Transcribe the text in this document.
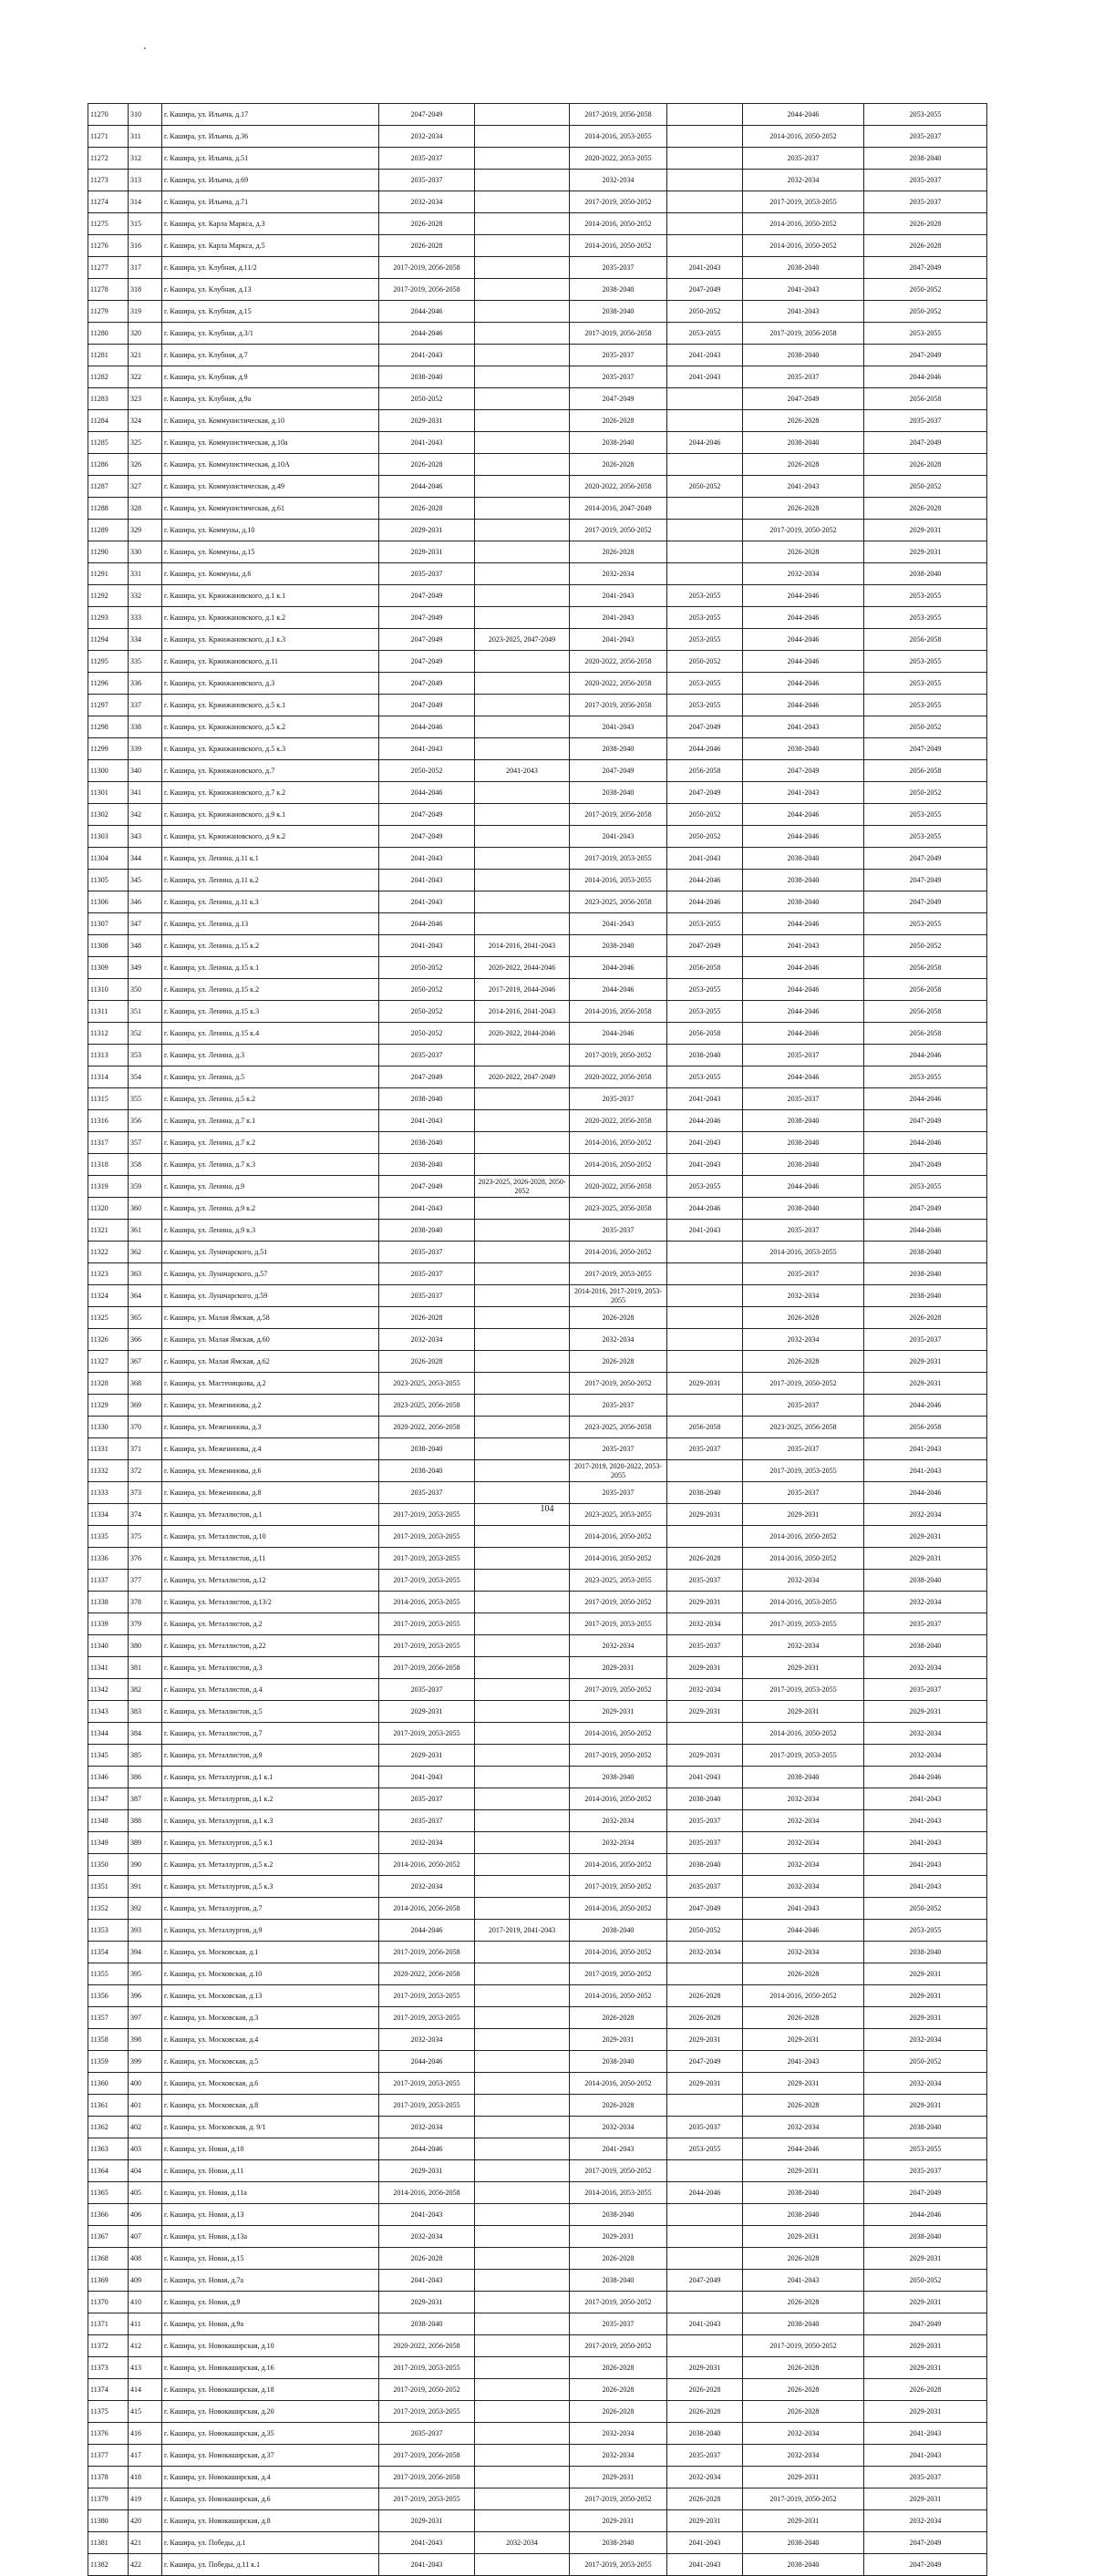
11270	310	г. Кашира, ул. Ильича, д.17	2047-2049		2017-2019, 2056-2058		2044-2046	2053-2055
11271	311	г. Кашира, ул. Ильича, д.36	2032-2034		2014-2016, 2053-2055		2014-2016, 2050-2052	2035-2037
11272	312	г. Кашира, ул. Ильича, д.51	2035-2037		2020-2022, 2053-2055		2035-2037	2038-2040
11273	313	г. Кашира, ул. Ильича, д.69	2035-2037		2032-2034		2032-2034	2035-2037
11274	314	г. Кашира, ул. Ильича, д.71	2032-2034		2017-2019, 2050-2052		2017-2019, 2053-2055	2035-2037
11275	315	г. Кашира, ул. Карла Маркса, д.3	2026-2028		2014-2016, 2050-2052		2014-2016, 2050-2052	2026-2028
11276	316	г. Кашира, ул. Карла Маркса, д.5	2026-2028		2014-2016, 2050-2052		2014-2016, 2050-2052	2026-2028
11277	317	г. Кашира, ул. Клубная, д.11/2	2017-2019, 2056-2058		2035-2037	2041-2043	2038-2040	2047-2049
11278	318	г. Кашира, ул. Клубная, д.13	2017-2019, 2056-2058		2038-2040	2047-2049	2041-2043	2050-2052
11279	319	г. Кашира, ул. Клубная, д.15	2044-2046		2038-2040	2050-2052	2041-2043	2050-2052
11280	320	г. Кашира, ул. Клубная, д.3/1	2044-2046		2017-2019, 2056-2058	2053-2055	2017-2019, 2056-2058	2053-2055
11281	321	г. Кашира, ул. Клубная, д.7	2041-2043		2035-2037	2041-2043	2038-2040	2047-2049
11282	322	г. Кашира, ул. Клубная, д.9	2038-2040		2035-2037	2041-2043	2035-2037	2044-2046
11283	323	г. Кашира, ул. Клубная, д.9а	2050-2052		2047-2049		2047-2049	2056-2058
11284	324	г. Кашира, ул. Коммунистическая, д.10	2029-2031		2026-2028		2026-2028	2035-2037
11285	325	г. Кашира, ул. Коммунистическая, д.10а	2041-2043		2038-2040	2044-2046	2038-2040	2047-2049
11286	326	г. Кашира, ул. Коммунистическая, д.10А	2026-2028		2026-2028		2026-2028	2026-2028
11287	327	г. Кашира, ул. Коммунистическая, д.49	2044-2046		2020-2022, 2056-2058	2050-2052	2041-2043	2050-2052
11288	328	г. Кашира, ул. Коммунистическая, д.61	2026-2028		2014-2016, 2047-2049		2026-2028	2026-2028
11289	329	г. Кашира, ул. Коммуны, д.10	2029-2031		2017-2019, 2050-2052		2017-2019, 2050-2052	2029-2031
11290	330	г. Кашира, ул. Коммуны, д.15	2029-2031		2026-2028		2026-2028	2029-2031
11291	331	г. Кашира, ул. Коммуны, д.6	2035-2037		2032-2034		2032-2034	2038-2040
11292	332	г. Кашира, ул. Кржижановского, д.1 к.1	2047-2049		2041-2043	2053-2055	2044-2046	2053-2055
11293	333	г. Кашира, ул. Кржижановского, д.1 к.2	2047-2049		2041-2043	2053-2055	2044-2046	2053-2055
11294	334	г. Кашира, ул. Кржижановского, д.1 к.3	2047-2049	2023-2025, 2047-2049	2041-2043	2053-2055	2044-2046	2056-2058
11295	335	г. Кашира, ул. Кржижановского, д.11	2047-2049		2020-2022, 2056-2058	2050-2052	2044-2046	2053-2055
11296	336	г. Кашира, ул. Кржижановского, д.3	2047-2049		2020-2022, 2056-2058	2053-2055	2044-2046	2053-2055
11297	337	г. Кашира, ул. Кржижановского, д.5 к.1	2047-2049		2017-2019, 2056-2058	2053-2055	2044-2046	2053-2055
11298	338	г. Кашира, ул. Кржижановского, д.5 к.2	2044-2046		2041-2043	2047-2049	2041-2043	2050-2052
11299	339	г. Кашира, ул. Кржижановского, д.5 к.3	2041-2043		2038-2040	2044-2046	2038-2040	2047-2049
11300	340	г. Кашира, ул. Кржижановского, д.7	2050-2052	2041-2043	2047-2049	2056-2058	2047-2049	2056-2058
11301	341	г. Кашира, ул. Кржижановского, д.7 к.2	2044-2046		2038-2040	2047-2049	2041-2043	2050-2052
11302	342	г. Кашира, ул. Кржижановского, д.9 к.1	2047-2049		2017-2019, 2056-2058	2050-2052	2044-2046	2053-2055
11303	343	г. Кашира, ул. Кржижановского, д.9 к.2	2047-2049		2041-2043	2050-2052	2044-2046	2053-2055
11304	344	г. Кашира, ул. Ленина, д.11 к.1	2041-2043		2017-2019, 2053-2055	2041-2043	2038-2040	2047-2049
11305	345	г. Кашира, ул. Ленина, д.11 к.2	2041-2043		2014-2016, 2053-2055	2044-2046	2038-2040	2047-2049
11306	346	г. Кашира, ул. Ленина, д.11 к.3	2041-2043		2023-2025, 2056-2058	2044-2046	2038-2040	2047-2049
11307	347	г. Кашира, ул. Ленина, д.13	2044-2046		2041-2043	2053-2055	2044-2046	2053-2055
11308	348	г. Кашира, ул. Ленина, д.15 к.2	2041-2043	2014-2016, 2041-2043	2038-2040	2047-2049	2041-2043	2050-2052
11309	349	г. Кашира, ул. Ленина, д.15 к.1	2050-2052	2020-2022, 2044-2046	2044-2046	2056-2058	2044-2046	2056-2058
11310	350	г. Кашира, ул. Ленина, д.15 к.2	2050-2052	2017-2019, 2044-2046	2044-2046	2053-2055	2044-2046	2056-2058
11311	351	г. Кашира, ул. Ленина, д.15 к.3	2050-2052	2014-2016, 2041-2043	2014-2016, 2056-2058	2053-2055	2044-2046	2056-2058
11312	352	г. Кашира, ул. Ленина, д.15 к.4	2050-2052	2020-2022, 2044-2046	2044-2046	2056-2058	2044-2046	2056-2058
11313	353	г. Кашира, ул. Ленина, д.3	2035-2037		2017-2019, 2050-2052	2038-2040	2035-2037	2044-2046
11314	354	г. Кашира, ул. Ленина, д.5	2047-2049	2020-2022, 2047-2049	2020-2022, 2056-2058	2053-2055	2044-2046	2053-2055
11315	355	г. Кашира, ул. Ленина, д.5 к.2	2038-2040		2035-2037	2041-2043	2035-2037	2044-2046
11316	356	г. Кашира, ул. Ленина, д.7 к.1	2041-2043		2020-2022, 2056-2058	2044-2046	2038-2040	2047-2049
11317	357	г. Кашира, ул. Ленина, д.7 к.2	2038-2040		2014-2016, 2050-2052	2041-2043	2038-2040	2044-2046
11318	358	г. Кашира, ул. Ленина, д.7 к.3	2038-2040		2014-2016, 2050-2052	2041-2043	2038-2040	2047-2049
11319	359	г. Кашира, ул. Ленина, д.9	2047-2049	2023-2025, 2026-2028, 2050-2052	2020-2022, 2056-2058	2053-2055	2044-2046	2053-2055
11320	360	г. Кашира, ул. Ленина, д.9 к.2	2041-2043		2023-2025, 2056-2058	2044-2046	2038-2040	2047-2049
11321	361	г. Кашира, ул. Ленина, д.9 к.3	2038-2040		2035-2037	2041-2043	2035-2037	2044-2046
11322	362	г. Кашира, ул. Луначарского, д.51	2035-2037		2014-2016, 2050-2052		2014-2016, 2053-2055	2038-2040
11323	363	г. Кашира, ул. Луначарского, д.57	2035-2037		2017-2019, 2053-2055		2035-2037	2038-2040
11324	364	г. Кашира, ул. Луначарского, д.59	2035-2037		2014-2016, 2017-2019, 2053-2055		2032-2034	2038-2040
11325	365	г. Кашира, ул. Малая Ямская, д.58	2026-2028		2026-2028		2026-2028	2026-2028
11326	366	г. Кашира, ул. Малая Ямская, д.60	2032-2034		2032-2034		2032-2034	2035-2037
11327	367	г. Кашира, ул. Малая Ямская, д.62	2026-2028		2026-2028		2026-2028	2029-2031
11328	368	г. Кашира, ул. Мастеницкова, д.2	2023-2025, 2053-2055		2017-2019, 2050-2052	2029-2031	2017-2019, 2050-2052	2029-2031
11329	369	г. Кашира, ул. Меженинова, д.2	2023-2025, 2056-2058		2035-2037		2035-2037	2044-2046
11330	370	г. Кашира, ул. Меженинова, д.3	2020-2022, 2056-2058		2023-2025, 2056-2058	2056-2058	2023-2025, 2056-2058	2056-2058
11331	371	г. Кашира, ул. Меженинова, д.4	2038-2040		2035-2037	2035-2037	2035-2037	2041-2043
11332	372	г. Кашира, ул. Меженинова, д.6	2038-2040		2017-2019, 2020-2022, 2053-2055		2017-2019, 2053-2055	2041-2043
11333	373	г. Кашира, ул. Меженинова, д.8	2035-2037		2035-2037	2038-2040	2035-2037	2044-2046
11334	374	г. Кашира, ул. Металлистов, д.1	2017-2019, 2053-2055		2023-2025, 2053-2055	2029-2031	2029-2031	2032-2034
11335	375	г. Кашира, ул. Металлистов, д.10	2017-2019, 2053-2055		2014-2016, 2050-2052		2014-2016, 2050-2052	2029-2031
11336	376	г. Кашира, ул. Металлистов, д.11	2017-2019, 2053-2055		2014-2016, 2050-2052	2026-2028	2014-2016, 2050-2052	2029-2031
11337	377	г. Кашира, ул. Металлистов, д.12	2017-2019, 2053-2055		2023-2025, 2053-2055	2035-2037	2032-2034	2038-2040
11338	378	г. Кашира, ул. Металлистов, д.13/2	2014-2016, 2053-2055		2017-2019, 2050-2052	2029-2031	2014-2016, 2053-2055	2032-2034
11339	379	г. Кашира, ул. Металлистов, д.2	2017-2019, 2053-2055		2017-2019, 2053-2055	2032-2034	2017-2019, 2053-2055	2035-2037
11340	380	г. Кашира, ул. Металлистов, д.22	2017-2019, 2053-2055		2032-2034	2035-2037	2032-2034	2038-2040
11341	381	г. Кашира, ул. Металлистов, д.3	2017-2019, 2056-2058		2029-2031	2029-2031	2029-2031	2032-2034
11342	382	г. Кашира, ул. Металлистов, д.4	2035-2037		2017-2019, 2050-2052	2032-2034	2017-2019, 2053-2055	2035-2037
11343	383	г. Кашира, ул. Металлистов, д.5	2029-2031		2029-2031	2029-2031	2029-2031	2029-2031
11344	384	г. Кашира, ул. Металлистов, д.7	2017-2019, 2053-2055		2014-2016, 2050-2052		2014-2016, 2050-2052	2032-2034
11345	385	г. Кашира, ул. Металлистов, д.9	2029-2031		2017-2019, 2050-2052	2029-2031	2017-2019, 2053-2055	2032-2034
11346	386	г. Кашира, ул. Металлургов, д.1 к.1	2041-2043		2038-2040	2041-2043	2038-2040	2044-2046
11347	387	г. Кашира, ул. Металлургов, д.1 к.2	2035-2037		2014-2016, 2050-2052	2038-2040	2032-2034	2041-2043
11348	388	г. Кашира, ул. Металлургов, д.1 к.3	2035-2037		2032-2034	2035-2037	2032-2034	2041-2043
11349	389	г. Кашира, ул. Металлургов, д.5 к.1	2032-2034		2032-2034	2035-2037	2032-2034	2041-2043
11350	390	г. Кашира, ул. Металлургов, д.5 к.2	2014-2016, 2050-2052		2014-2016, 2050-2052	2038-2040	2032-2034	2041-2043
11351	391	г. Кашира, ул. Металлургов, д.5 к.3	2032-2034		2017-2019, 2050-2052	2035-2037	2032-2034	2041-2043
11352	392	г. Кашира, ул. Металлургов, д.7	2014-2016, 2056-2058		2014-2016, 2050-2052	2047-2049	2041-2043	2050-2052
11353	393	г. Кашира, ул. Металлургов, д.9	2044-2046	2017-2019, 2041-2043	2038-2040	2050-2052	2044-2046	2053-2055
11354	394	г. Кашира, ул. Московская, д.1	2017-2019, 2056-2058		2014-2016, 2050-2052	2032-2034	2032-2034	2038-2040
11355	395	г. Кашира, ул. Московская, д.10	2020-2022, 2056-2058		2017-2019, 2050-2052		2026-2028	2029-2031
11356	396	г. Кашира, ул. Московская, д.13	2017-2019, 2053-2055		2014-2016, 2050-2052	2026-2028	2014-2016, 2050-2052	2029-2031
11357	397	г. Кашира, ул. Московская, д.3	2017-2019, 2053-2055		2026-2028	2026-2028	2026-2028	2029-2031
11358	398	г. Кашира, ул. Московская, д.4	2032-2034		2029-2031	2029-2031	2029-2031	2032-2034
11359	399	г. Кашира, ул. Московская, д.5	2044-2046		2038-2040	2047-2049	2041-2043	2050-2052
11360	400	г. Кашира, ул. Московская, д.6	2017-2019, 2053-2055		2014-2016, 2050-2052	2029-2031	2029-2031	2032-2034
11361	401	г. Кашира, ул. Московская, д.8	2017-2019, 2053-2055		2026-2028		2026-2028	2029-2031
11362	402	г. Кашира, ул. Московская, д. 9/1	2032-2034		2032-2034	2035-2037	2032-2034	2038-2040
11363	403	г. Кашира, ул. Новая, д.10	2044-2046		2041-2043	2053-2055	2044-2046	2053-2055
11364	404	г. Кашира, ул. Новая, д.11	2029-2031		2017-2019, 2050-2052		2029-2031	2035-2037
11365	405	г. Кашира, ул. Новая, д.11а	2014-2016, 2056-2058		2014-2016, 2053-2055	2044-2046	2038-2040	2047-2049
11366	406	г. Кашира, ул. Новая, д.13	2041-2043		2038-2040		2038-2040	2044-2046
11367	407	г. Кашира, ул. Новая, д.13а	2032-2034		2029-2031		2029-2031	2038-2040
11368	408	г. Кашира, ул. Новая, д.15	2026-2028		2026-2028		2026-2028	2029-2031
11369	409	г. Кашира, ул. Новая, д.7а	2041-2043		2038-2040	2047-2049	2041-2043	2050-2052
11370	410	г. Кашира, ул. Новая, д.9	2029-2031		2017-2019, 2050-2052		2026-2028	2029-2031
11371	411	г. Кашира, ул. Новая, д.9а	2038-2040		2035-2037	2041-2043	2038-2040	2047-2049
11372	412	г. Кашира, ул. Новокаширская, д.10	2020-2022, 2056-2058		2017-2019, 2050-2052		2017-2019, 2050-2052	2029-2031
11373	413	г. Кашира, ул. Новокаширская, д.16	2017-2019, 2053-2055		2026-2028	2029-2031	2026-2028	2029-2031
11374	414	г. Кашира, ул. Новокаширская, д.18	2017-2019, 2050-2052		2026-2028	2026-2028	2026-2028	2026-2028
11375	415	г. Кашира, ул. Новокаширская, д.20	2017-2019, 2053-2055		2026-2028	2026-2028	2026-2028	2029-2031
11376	416	г. Кашира, ул. Новокаширская, д.35	2035-2037		2032-2034	2038-2040	2032-2034	2041-2043
11377	417	г. Кашира, ул. Новокаширская, д.37	2017-2019, 2056-2058		2032-2034	2035-2037	2032-2034	2041-2043
11378	418	г. Кашира, ул. Новокаширская, д.4	2017-2019, 2056-2058		2029-2031	2032-2034	2029-2031	2035-2037
11379	419	г. Кашира, ул. Новокаширская, д.6	2017-2019, 2053-2055		2017-2019, 2050-2052	2026-2028	2017-2019, 2050-2052	2029-2031
11380	420	г. Кашира, ул. Новокаширская, д.8	2029-2031		2029-2031	2029-2031	2029-2031	2032-2034
11381	421	г. Кашира, ул. Победы, д.1	2041-2043	2032-2034	2038-2040	2041-2043	2038-2040	2047-2049
11382	422	г. Кашира, ул. Победы, д.11 к.1	2041-2043		2017-2019, 2053-2055	2041-2043	2038-2040	2047-2049
104
